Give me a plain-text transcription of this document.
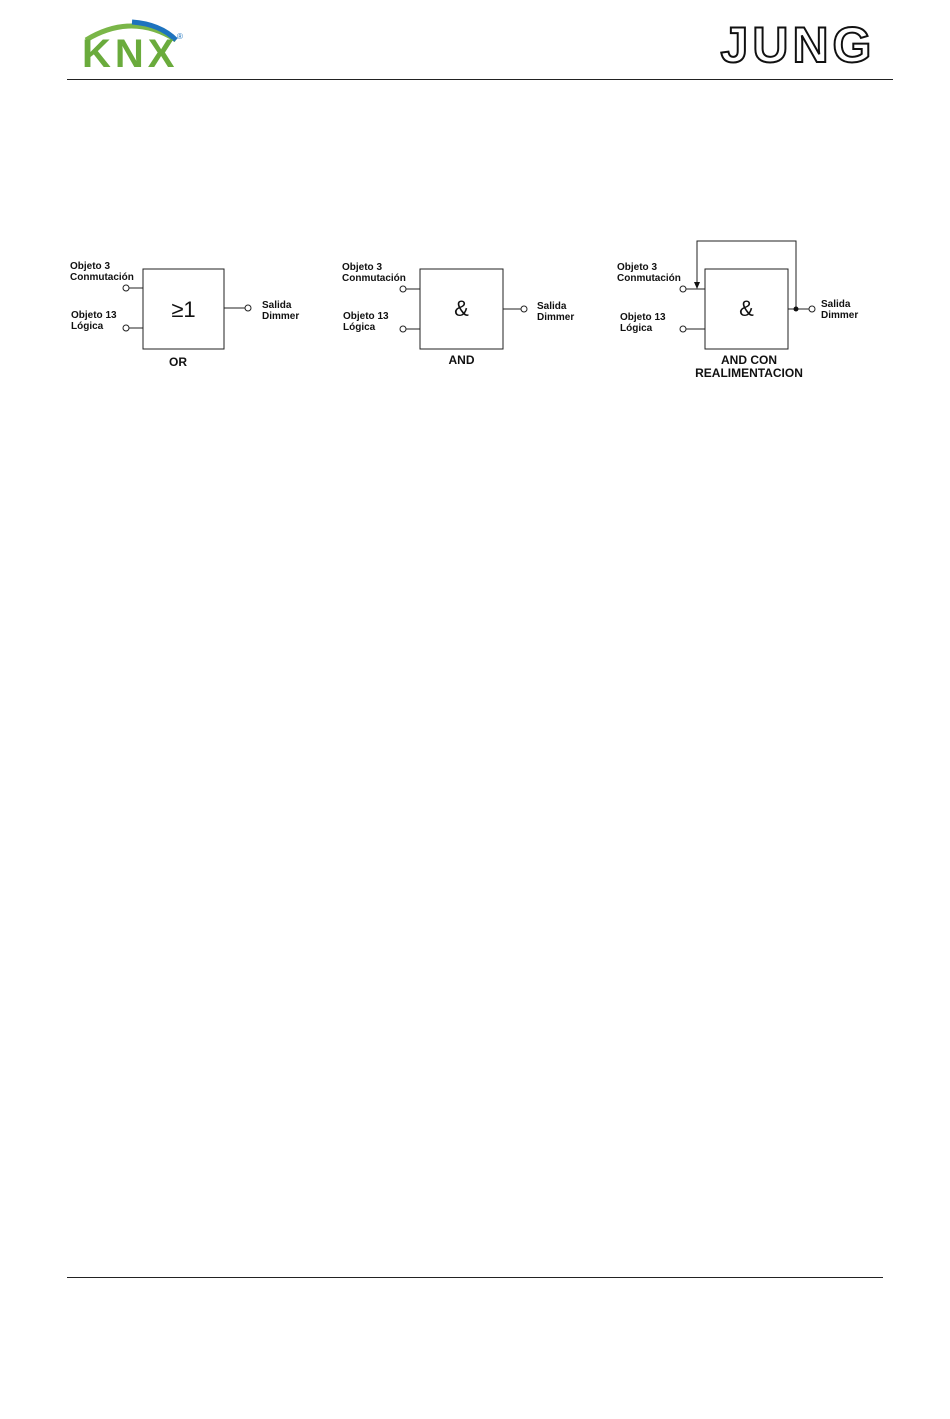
KNX
®	JUNG
Objeto 3
Conmutación
Objeto 13
Lógica
Salida
Dimmer
≥1
OR
Objeto 3
Conmutación
Objeto 13
Lógica
Salida
Dimmer
&
AND
Objeto 3
Conmutación
Objeto 13
Lógica
Salida
Dimmer
&
AND CON
REALIMENTACION
